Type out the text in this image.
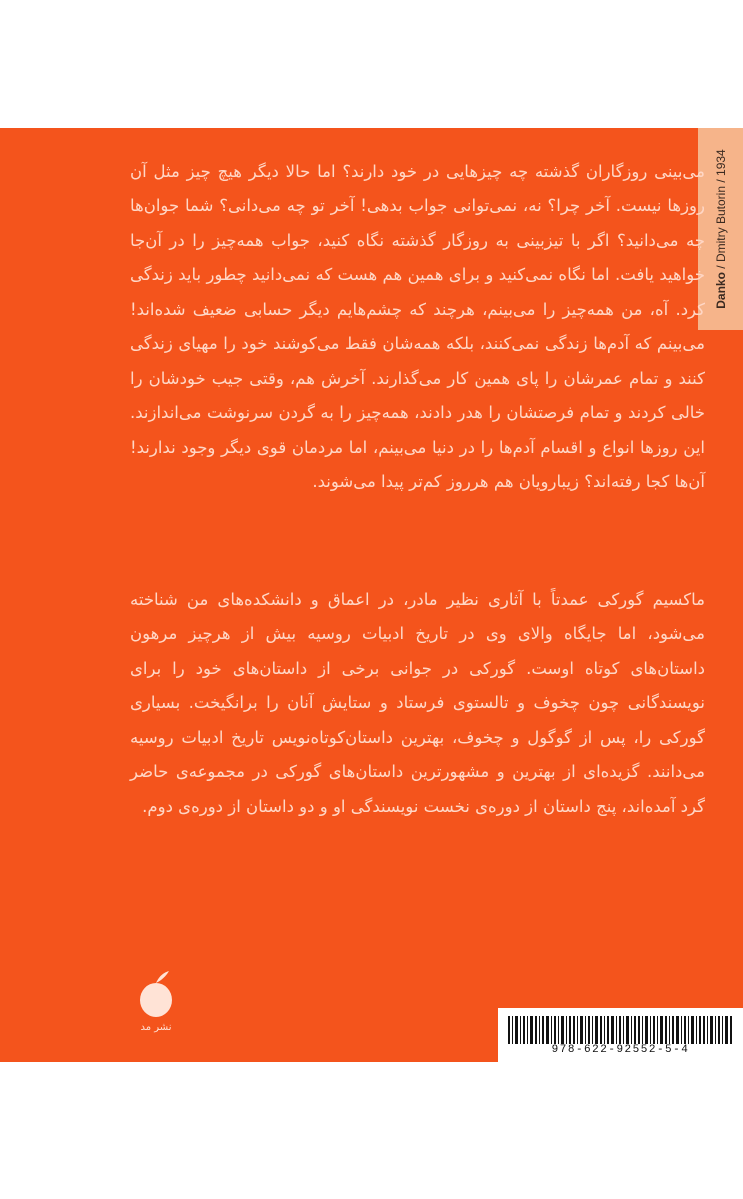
Danko / Dmitry Butorin / 1934

می‌بینی روزگاران گذشته چه چیزهایی در خود دارند؟ اما حالا دیگر هیچ چیز مثل آن روزها نیست. آخر چرا؟ نه، نمی‌توانی جواب بدهی! آخر تو چه می‌دانی؟ شما جوان‌ها چه می‌دانید؟ اگر با تیزبینی به روزگار گذشته نگاه کنید، جواب همه‌چیز را در آن‌جا خواهید یافت. اما نگاه نمی‌کنید و برای همین هم هست که نمی‌دانید چطور باید زندگی کرد. آه، من همه‌چیز را می‌بینم، هرچند که چشم‌هایم دیگر حسابی ضعیف شده‌اند! می‌بینم که آدم‌ها زندگی نمی‌کنند، بلکه همه‌شان فقط می‌کوشند خود را مهیای زندگی کنند و تمام عمرشان را پای همین کار می‌گذارند. آخرش هم، وقتی جیب خودشان را خالی کردند و تمام فرصتشان را هدر دادند، همه‌چیز را به گردن سرنوشت می‌اندازند. این روزها انواع و اقسام آدم‌ها را در دنیا می‌بینم، اما مردمان قوی دیگر وجود ندارند! آن‌ها کجا رفته‌اند؟ زیبارویان هم هرروز کم‌تر پیدا می‌شوند.

ماکسیم گورکی عمدتاً با آثاری نظیر مادر، در اعماق و دانشکده‌های من شناخته می‌شود، اما جایگاه والای وی در تاریخ ادبیات روسیه بیش از هرچیز مرهون داستان‌های کوتاه اوست. گورکی در جوانی برخی از داستان‌های خود را برای نویسندگانی چون چخوف و تالستوی فرستاد و ستایش آنان را برانگیخت. بسیاری گورکی را، پس از گوگول و چخوف، بهترین داستان‌کوتاه‌نویس تاریخ ادبیات روسیه می‌دانند. گزیده‌ای از بهترین و مشهورترین داستان‌های گورکی در مجموعه‌ی حاضر گرد آمده‌اند، پنج داستان از دوره‌ی نخست نویسندگی او و دو داستان از دوره‌ی دوم.

نشر مد
978-622-92552-5-4
